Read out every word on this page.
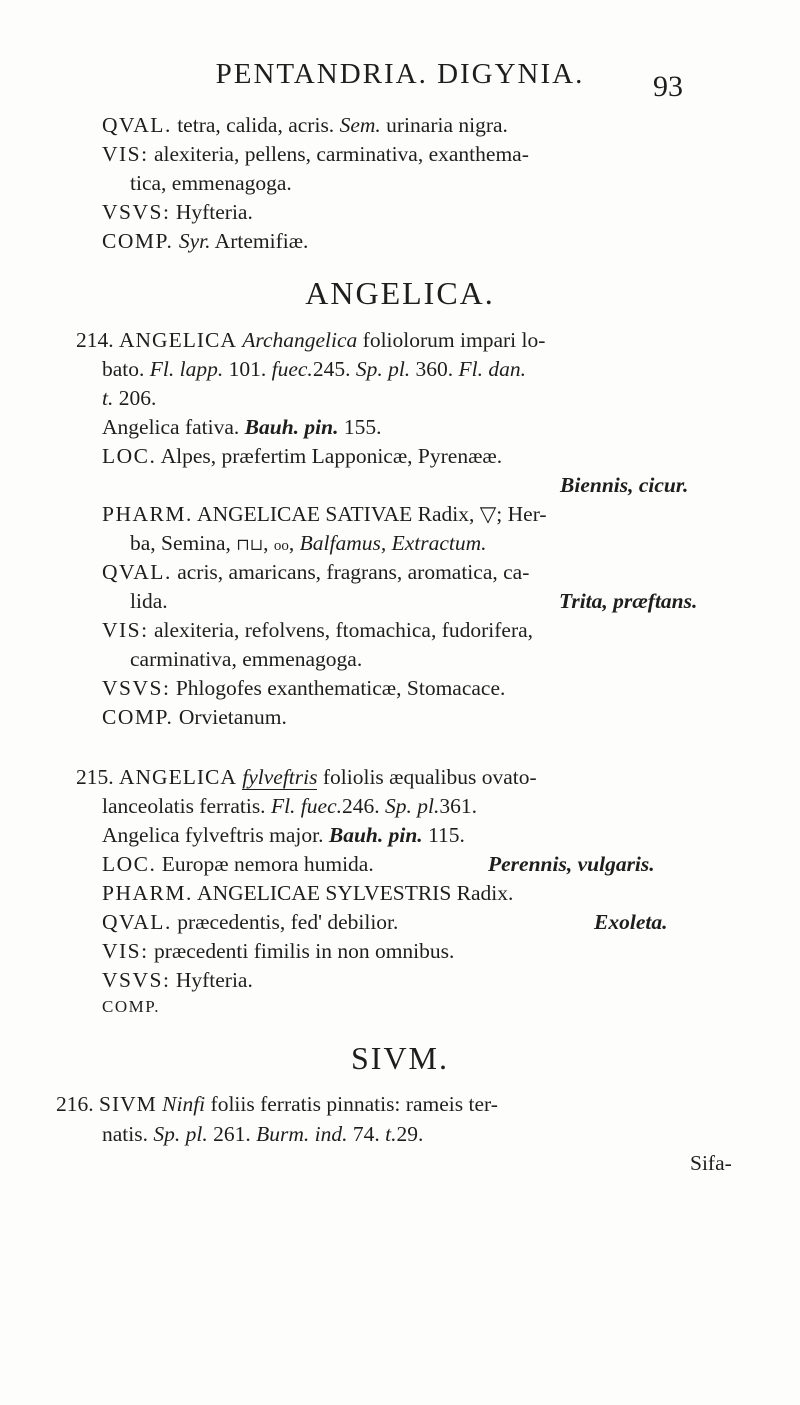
PENTANDRIA. DIGYNIA.	93
QVAL. tetra, calida, acris. Sem. urinaria nigra.
VIS: alexiteria, pellens, carminativa, exanthema-
tica, emmenagoga.
VSVS: Hyfteria.
COMP. Syr. Artemifiæ.
ANGELICA.
214. ANGELICA Archangelica foliolorum impari lo-
bato. Fl. lapp. 101. fuec.245. Sp. pl. 360. Fl. dan.
t. 206.
Angelica fativa. Bauh. pin. 155.
LOC. Alpes, præfertim Lapponicæ, Pyrenææ.
Biennis, cicur.
PHARM. ANGELICAE SATIVAE Radix, ▽; Her-
ba, Semina, ⊓⊔, oo, Balfamus, Extractum.
QVAL. acris, amaricans, fragrans, aromatica, ca-
lida.	Trita, præftans.
VIS: alexiteria, refolvens, ftomachica, fudorifera,
carminativa, emmenagoga.
VSVS: Phlogofes exanthematicæ, Stomacace.
COMP. Orvietanum.
215. ANGELICA fylveftris foliolis æqualibus ovato-
lanceolatis ferratis. Fl. fuec.246. Sp. pl.361.
Angelica fylveftris major. Bauh. pin. 115.
LOC. Europæ nemora humida.	Perennis, vulgaris.
PHARM. ANGELICAE SYLVESTRIS Radix.
QVAL. præcedentis, fed' debilior.	Exoleta.
VIS: præcedenti fimilis in non omnibus.
VSVS: Hyfteria.
COMP.
SIVM.
216. SIVM Ninfi foliis ferratis pinnatis: rameis ter-
natis. Sp. pl. 261. Burm. ind. 74. t.29.
Sifa-
